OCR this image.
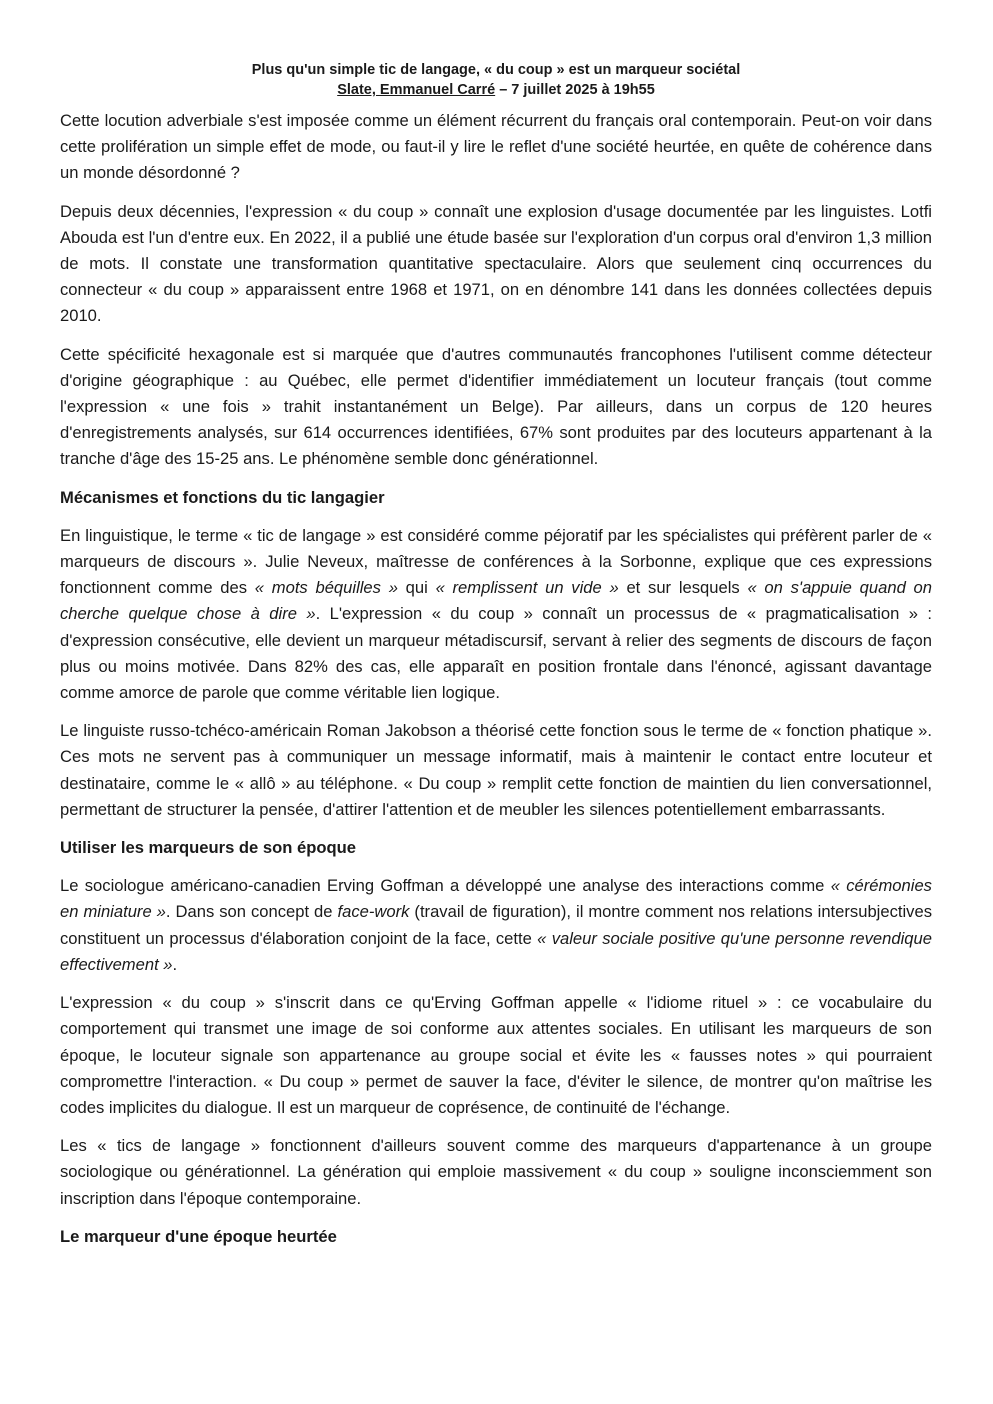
Plus qu'un simple tic de langage, « du coup » est un marqueur sociétal
Slate, Emmanuel Carré – 7 juillet 2025 à 19h55

Cette locution adverbiale s'est imposée comme un élément récurrent du français oral contemporain. Peut-on voir dans cette prolifération un simple effet de mode, ou faut-il y lire le reflet d'une société heurtée, en quête de cohérence dans un monde désordonné ?

Depuis deux décennies, l'expression « du coup » connaît une explosion d'usage documentée par les linguistes. Lotfi Abouda est l'un d'entre eux. En 2022, il a publié une étude basée sur l'exploration d'un corpus oral d'environ 1,3 million de mots. Il constate une transformation quantitative spectaculaire. Alors que seulement cinq occurrences du connecteur « du coup » apparaissent entre 1968 et 1971, on en dénombre 141 dans les données collectées depuis 2010.

Cette spécificité hexagonale est si marquée que d'autres communautés francophones l'utilisent comme détecteur d'origine géographique : au Québec, elle permet d'identifier immédiatement un locuteur français (tout comme l'expression « une fois » trahit instantanément un Belge). Par ailleurs, dans un corpus de 120 heures d'enregistrements analysés, sur 614 occurrences identifiées, 67% sont produites par des locuteurs appartenant à la tranche d'âge des 15-25 ans. Le phénomène semble donc générationnel.

Mécanismes et fonctions du tic langagier

En linguistique, le terme « tic de langage » est considéré comme péjoratif par les spécialistes qui préfèrent parler de « marqueurs de discours ». Julie Neveux, maîtresse de conférences à la Sorbonne, explique que ces expressions fonctionnent comme des « mots béquilles » qui « remplissent un vide » et sur lesquels « on s'appuie quand on cherche quelque chose à dire ». L'expression « du coup » connaît un processus de « pragmaticalisation » : d'expression consécutive, elle devient un marqueur métadiscursif, servant à relier des segments de discours de façon plus ou moins motivée. Dans 82% des cas, elle apparaît en position frontale dans l'énoncé, agissant davantage comme amorce de parole que comme véritable lien logique.

Le linguiste russo-tchéco-américain Roman Jakobson a théorisé cette fonction sous le terme de « fonction phatique ». Ces mots ne servent pas à communiquer un message informatif, mais à maintenir le contact entre locuteur et destinataire, comme le « allô » au téléphone. « Du coup » remplit cette fonction de maintien du lien conversationnel, permettant de structurer la pensée, d'attirer l'attention et de meubler les silences potentiellement embarrassants.

Utiliser les marqueurs de son époque

Le sociologue américano-canadien Erving Goffman a développé une analyse des interactions comme « cérémonies en miniature ». Dans son concept de face-work (travail de figuration), il montre comment nos relations intersubjectives constituent un processus d'élaboration conjoint de la face, cette « valeur sociale positive qu'une personne revendique effectivement ».

L'expression « du coup » s'inscrit dans ce qu'Erving Goffman appelle « l'idiome rituel » : ce vocabulaire du comportement qui transmet une image de soi conforme aux attentes sociales. En utilisant les marqueurs de son époque, le locuteur signale son appartenance au groupe social et évite les « fausses notes » qui pourraient compromettre l'interaction. « Du coup » permet de sauver la face, d'éviter le silence, de montrer qu'on maîtrise les codes implicites du dialogue. Il est un marqueur de coprésence, de continuité de l'échange.

Les « tics de langage » fonctionnent d'ailleurs souvent comme des marqueurs d'appartenance à un groupe sociologique ou générationnel. La génération qui emploie massivement « du coup » souligne inconsciemment son inscription dans l'époque contemporaine.

Le marqueur d'une époque heurtée
